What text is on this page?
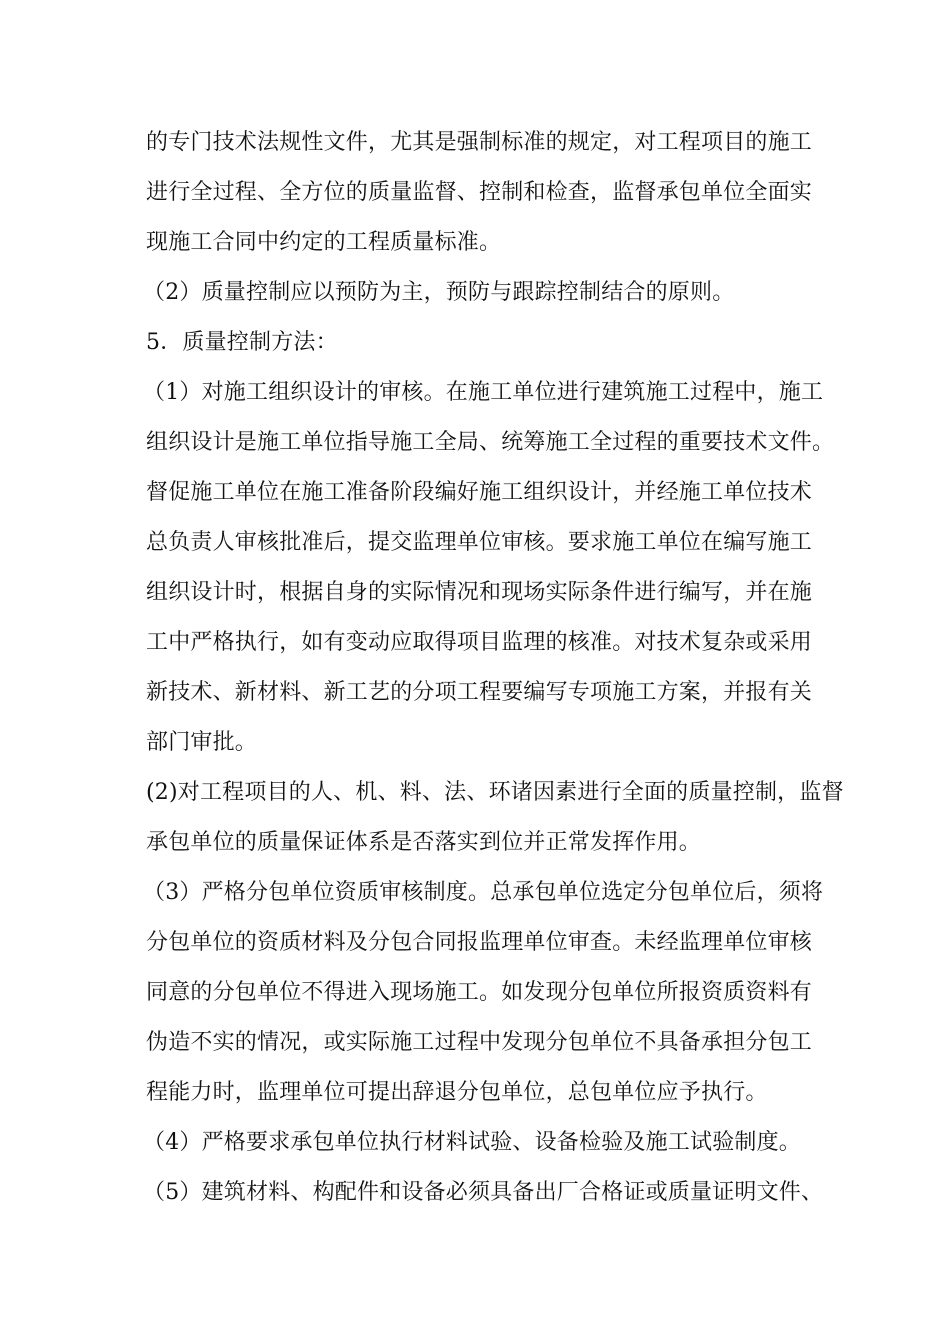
的专门技术法规性文件，尤其是强制标准的规定，对工程项目的施工
进行全过程、全方位的质量监督、控制和检查，监督承包单位全面实
现施工合同中约定的工程质量标准。
（2）质量控制应以预防为主，预防与跟踪控制结合的原则。
5．质量控制方法：
（1）对施工组织设计的审核。在施工单位进行建筑施工过程中，施工
组织设计是施工单位指导施工全局、统筹施工全过程的重要技术文件。
督促施工单位在施工准备阶段编好施工组织设计，并经施工单位技术
总负责人审核批准后，提交监理单位审核。要求施工单位在编写施工
组织设计时，根据自身的实际情况和现场实际条件进行编写，并在施
工中严格执行，如有变动应取得项目监理的核准。对技术复杂或采用
新技术、新材料、新工艺的分项工程要编写专项施工方案，并报有关
部门审批。
(2)对工程项目的人、机、料、法、环诸因素进行全面的质量控制，监督
承包单位的质量保证体系是否落实到位并正常发挥作用。
（3）严格分包单位资质审核制度。总承包单位选定分包单位后，须将
分包单位的资质材料及分包合同报监理单位审查。未经监理单位审核
同意的分包单位不得进入现场施工。如发现分包单位所报资质资料有
伪造不实的情况，或实际施工过程中发现分包单位不具备承担分包工
程能力时，监理单位可提出辞退分包单位，总包单位应予执行。
（4）严格要求承包单位执行材料试验、设备检验及施工试验制度。
（5）建筑材料、构配件和设备必须具备出厂合格证或质量证明文件、
